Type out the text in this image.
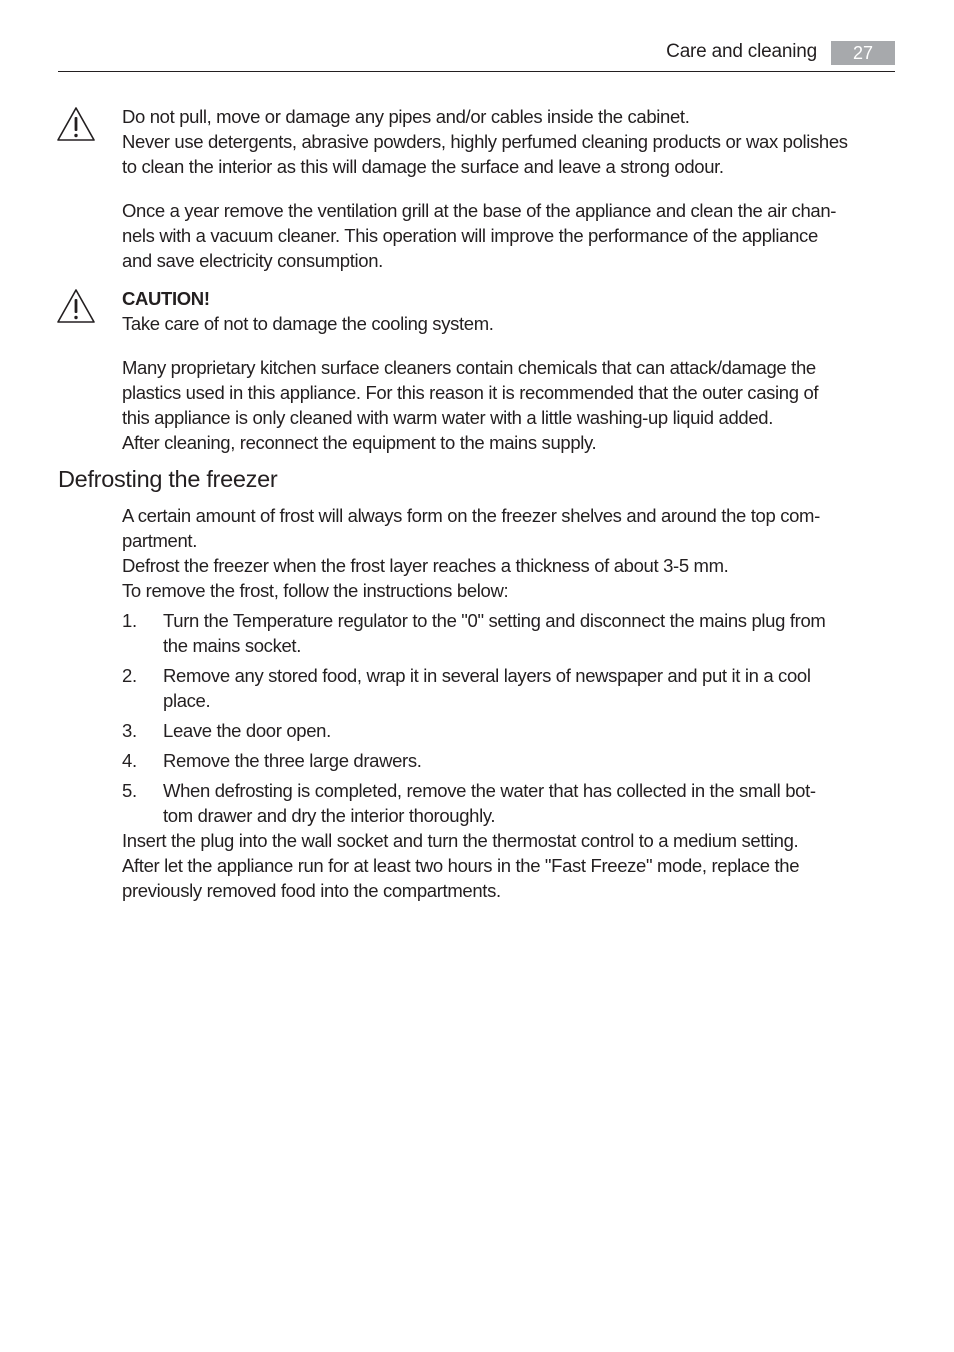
Care and cleaning	27

Do not pull, move or damage any pipes and/or cables inside the cabinet.

Never use detergents, abrasive powders, highly perfumed cleaning products or wax polishes

to clean the interior as this will damage the surface and leave a strong odour.

Once a year remove the ventilation grill at the base of the appliance and clean the air chan-

nels with a vacuum cleaner. This operation will improve the performance of the appliance

and save electricity consumption.

CAUTION!

Take care of not to damage the cooling system.

Many proprietary kitchen surface cleaners contain chemicals that can attack/damage the

plastics used in this appliance. For this reason it is recommended that the outer casing of

this appliance is only cleaned with warm water with a little washing-up liquid added.

After cleaning, reconnect the equipment to the mains supply.

Defrosting the freezer

A certain amount of frost will always form on the freezer shelves and around the top com-

partment.

Defrost the freezer when the frost layer reaches a thickness of about 3-5 mm.

To remove the frost, follow the instructions below:

1. Turn the Temperature regulator to the "0" setting and disconnect the mains plug from

the mains socket.

2. Remove any stored food, wrap it in several layers of newspaper and put it in a cool

place.

3. Leave the door open.

4. Remove the three large drawers.

5. When defrosting is completed, remove the water that has collected in the small bot-

tom drawer and dry the interior thoroughly.

Insert the plug into the wall socket and turn the thermostat control to a medium setting.

After let the appliance run for at least two hours in the "Fast Freeze" mode, replace the

previously removed food into the compartments.
